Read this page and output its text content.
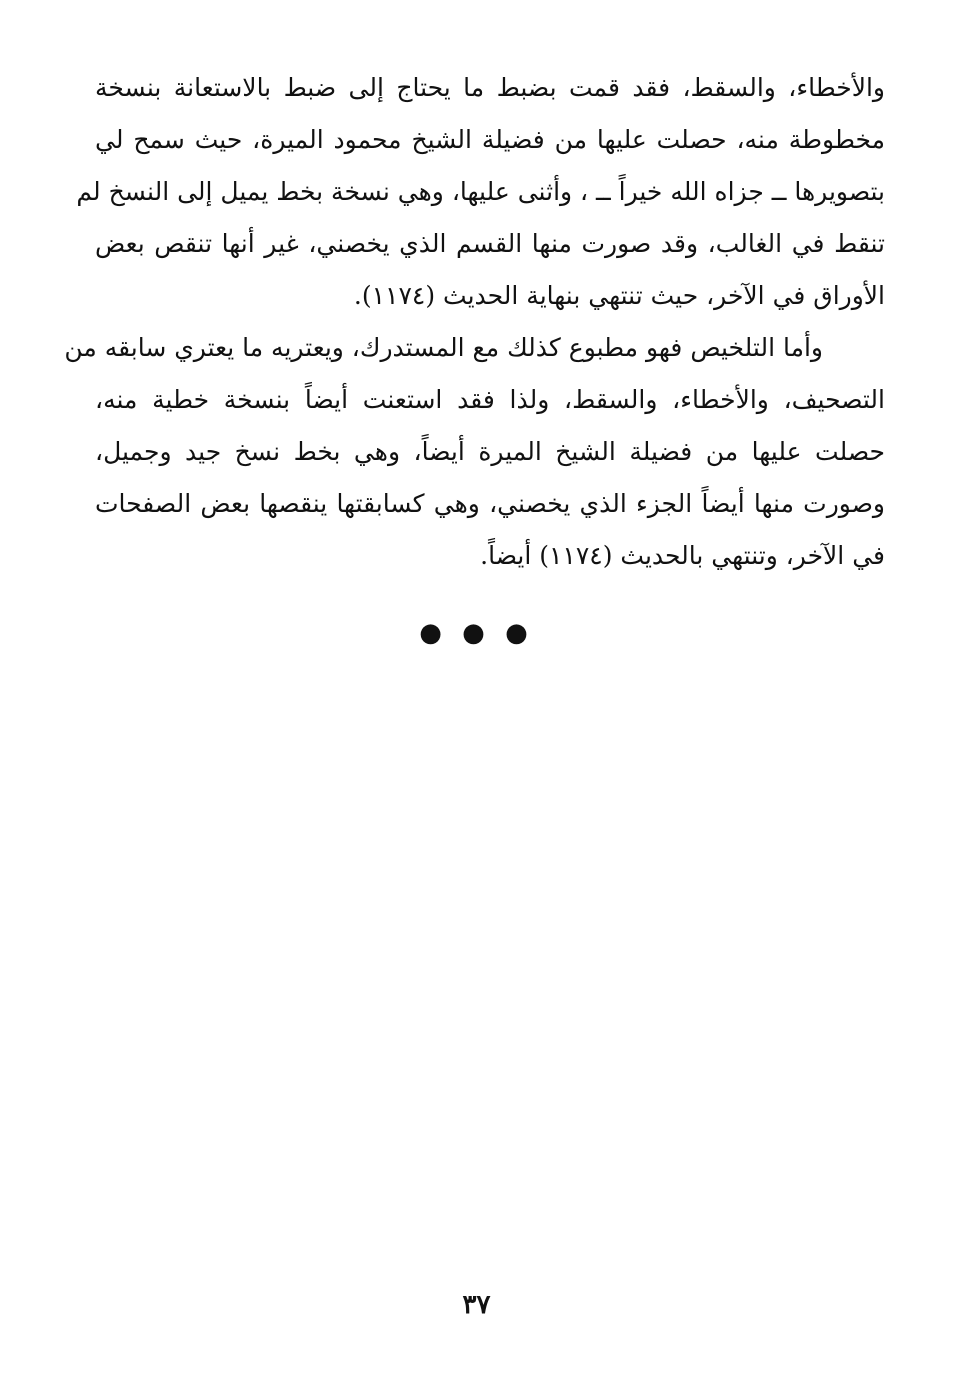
والأخطاء، والسقط، فقد قمت بضبط ما يحتاج إلى ضبط بالاستعانة بنسخة
مخطوطة منه، حصلت عليها من فضيلة الشيخ محمود الميرة، حيث سمح لي
بتصويرها ــ جزاه الله خيراً ــ ، وأثنى عليها، وهي نسخة بخط يميل إلى النسخ لم
تنقط في الغالب، وقد صورت منها القسم الذي يخصني، غير أنها تنقص بعض
الأوراق في الآخر، حيث تنتهي بنهاية الحديث (١١٧٤).
وأما التلخيص فهو مطبوع كذلك مع المستدرك، ويعتريه ما يعتري سابقه من
التصحيف، والأخطاء، والسقط، ولذا فقد استعنت أيضاً بنسخة خطية منه،
حصلت عليها من فضيلة الشيخ الميرة أيضاً، وهي بخط نسخ جيد وجميل،
وصورت منها أيضاً الجزء الذي يخصني، وهي كسابقتها ينقصها بعض الصفحات
في الآخر، وتنتهي بالحديث (١١٧٤) أيضاً.
● ● ●
٣٧
